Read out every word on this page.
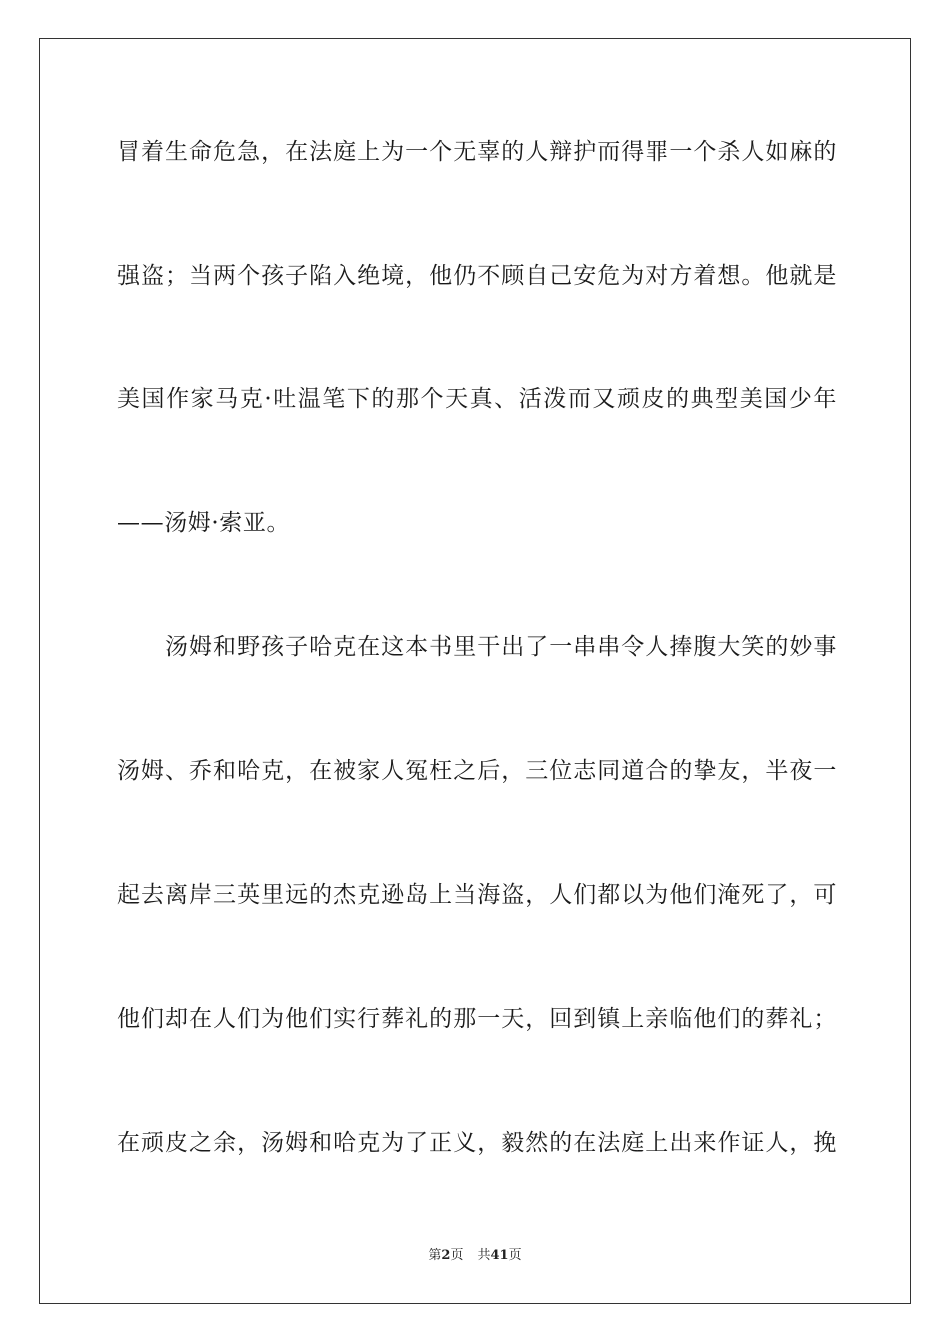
冒着生命危急，在法庭上为一个无辜的人辩护而得罪一个杀人如麻的
强盗；当两个孩子陷入绝境，他仍不顾自己安危为对方着想。他就是
美国作家马克·吐温笔下的那个天真、活泼而又顽皮的典型美国少年
——汤姆·索亚。
　　汤姆和野孩子哈克在这本书里干出了一串串令人捧腹大笑的妙事
汤姆、乔和哈克，在被家人冤枉之后，三位志同道合的挚友，半夜一
起去离岸三英里远的杰克逊岛上当海盗，人们都以为他们淹死了，可
他们却在人们为他们实行葬礼的那一天，回到镇上亲临他们的葬礼；
在顽皮之余，汤姆和哈克为了正义，毅然的在法庭上出来作证人，挽
第2页 共41页
